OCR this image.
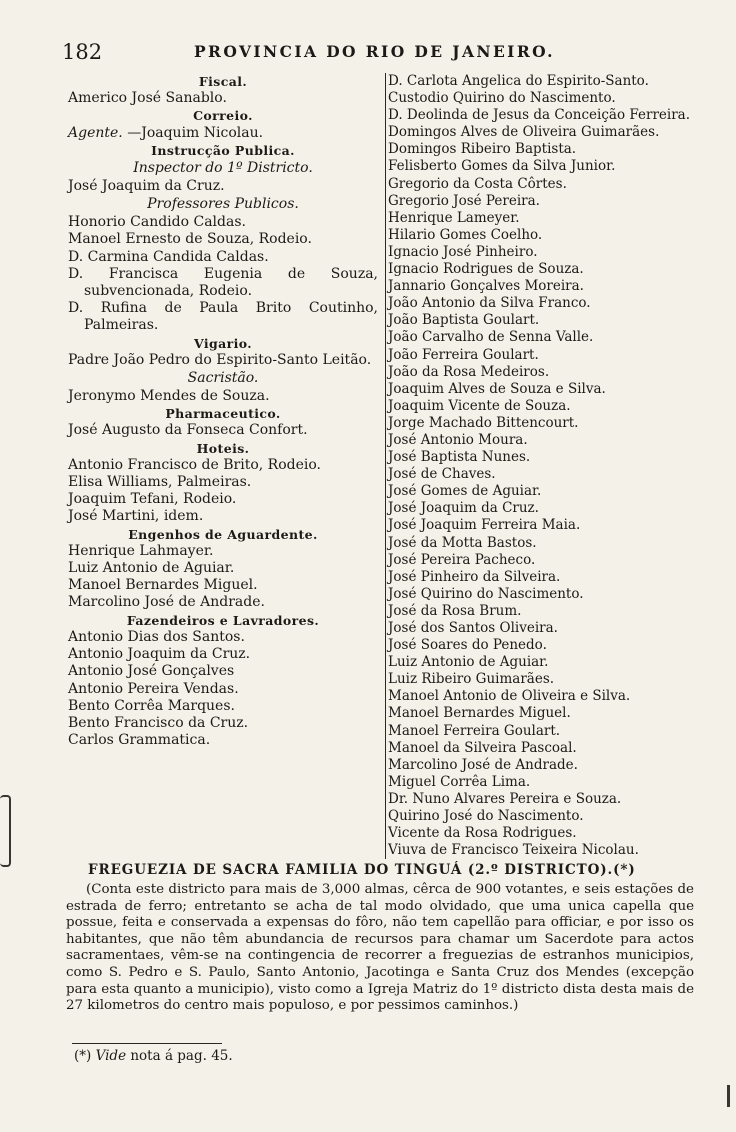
182	PROVINCIA DO RIO DE JANEIRO.
Fiscal.
Americo José Sanablo.
Correio.
Agente. —Joaquim Nicolau.
Instrucção Publica.
Inspector do 1º Districto.
José Joaquim da Cruz.
Professores Publicos.
Honorio Candido Caldas.
Manoel Ernesto de Souza, Rodeio.
D. Carmina Candida Caldas.
D. Francisca Eugenia de Souza, subvencionada, Rodeio.
D. Rufina de Paula Brito Coutinho, Palmeiras.
Vigario.
Padre João Pedro do Espirito-Santo Leitão.
Sacristão.
Jeronymo Mendes de Souza.
Pharmaceutico.
José Augusto da Fonseca Confort.
Hoteis.
Antonio Francisco de Brito, Rodeio.
Elisa Williams, Palmeiras.
Joaquim Tefani, Rodeio.
José Martini, idem.
Engenhos de Aguardente.
Henrique Lahmayer.
Luiz Antonio de Aguiar.
Manoel Bernardes Miguel.
Marcolino José de Andrade.
Fazendeiros e Lavradores.
Antonio Dias dos Santos.
Antonio Joaquim da Cruz.
Antonio José Gonçalves
Antonio Pereira Vendas.
Bento Corrêa Marques.
Bento Francisco da Cruz.
Carlos Grammatica.
D. Carlota Angelica do Espirito-Santo.
Custodio Quirino do Nascimento.
D. Deolinda de Jesus da Conceição Ferreira.
Domingos Alves de Oliveira Guimarães.
Domingos Ribeiro Baptista.
Felisberto Gomes da Silva Junior.
Gregorio da Costa Côrtes.
Gregorio José Pereira.
Henrique Lameyer.
Hilario Gomes Coelho.
Ignacio José Pinheiro.
Ignacio Rodrigues de Souza.
Jannario Gonçalves Moreira.
João Antonio da Silva Franco.
João Baptista Goulart.
João Carvalho de Senna Valle.
João Ferreira Goulart.
João da Rosa Medeiros.
Joaquim Alves de Souza e Silva.
Joaquim Vicente de Souza.
Jorge Machado Bittencourt.
José Antonio Moura.
José Baptista Nunes.
José de Chaves.
José Gomes de Aguiar.
José Joaquim da Cruz.
José Joaquim Ferreira Maia.
José da Motta Bastos.
José Pereira Pacheco.
José Pinheiro da Silveira.
José Quirino do Nascimento.
José da Rosa Brum.
José dos Santos Oliveira.
José Soares do Penedo.
Luiz Antonio de Aguiar.
Luiz Ribeiro Guimarães.
Manoel Antonio de Oliveira e Silva.
Manoel Bernardes Miguel.
Manoel Ferreira Goulart.
Manoel da Silveira Pascoal.
Marcolino José de Andrade.
Miguel Corrêa Lima.
Dr. Nuno Alvares Pereira e Souza.
Quirino José do Nascimento.
Vicente da Rosa Rodrigues.
Viuva de Francisco Teixeira Nicolau.
FREGUEZIA DE SACRA FAMILIA DO TINGUÁ (2.º DISTRICTO).(*)
(Conta este districto para mais de 3,000 almas, cêrca de 900 votantes, e seis estações de estrada de ferro; entretanto se acha de tal modo olvidado, que uma unica capella que possue, feita e conservada a expensas do fôro, não tem capellão para officiar, e por isso os habitantes, que não têm abundancia de recursos para chamar um Sacerdote para actos sacramentaes, vêm-se na contingencia de recorrer a freguezias de estranhos municipios, como S. Pedro e S. Paulo, Santo Antonio, Jacotinga e Santa Cruz dos Mendes (excepção para esta quanto a municipio), visto como a Igreja Matriz do 1º districto dista desta mais de 27 kilometros do centro mais populoso, e por pessimos caminhos.)
(*) Vide nota á pag. 45.
